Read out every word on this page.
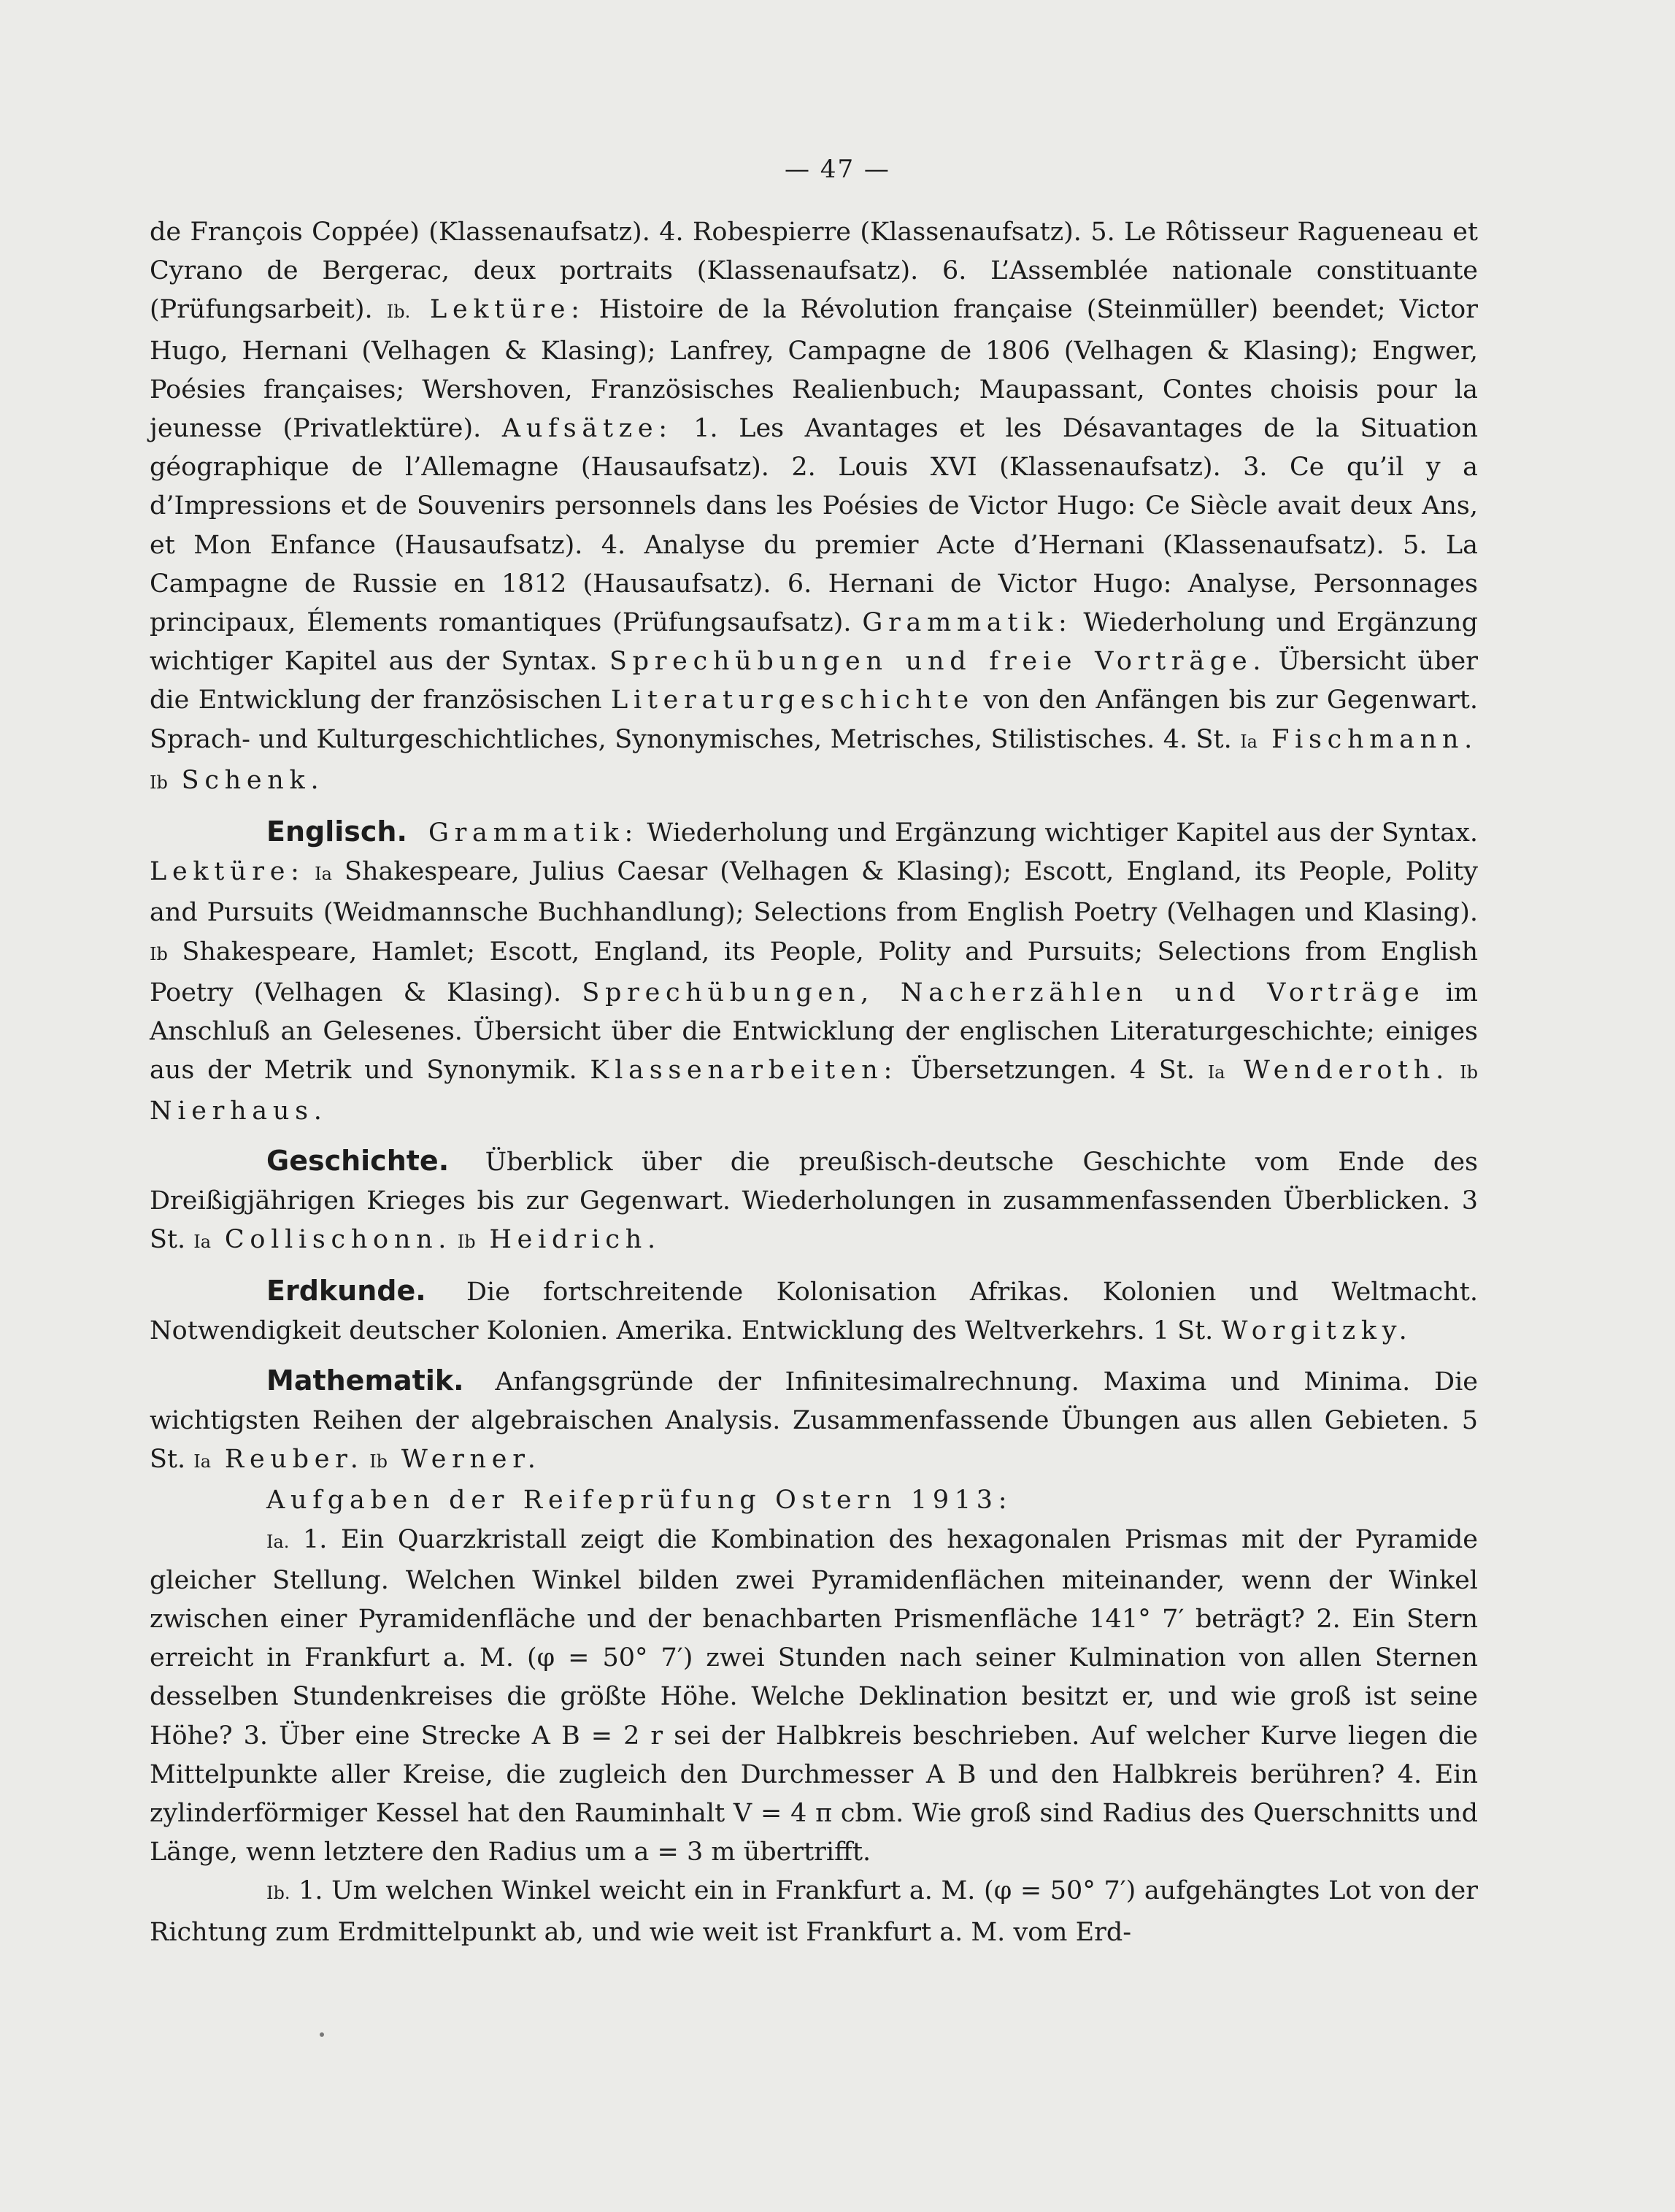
— 47 —

de François Coppée) (Klassenaufsatz). 4. Robespierre (Klassenaufsatz). 5. Le Rôtisseur Ragueneau et Cyrano de Bergerac, deux portraits (Klassenaufsatz). 6. L’Assemblée nationale constituante (Prüfungsarbeit). Ib. Lektüre: Histoire de la Révolution française (Steinmüller) beendet; Victor Hugo, Hernani (Velhagen & Klasing); Lanfrey, Campagne de 1806 (Velhagen & Klasing); Engwer, Poésies françaises; Wershoven, Französisches Realienbuch; Maupassant, Contes choisis pour la jeunesse (Privatlektüre). Aufsätze: 1. Les Avantages et les Désavantages de la Situation géographique de l’Allemagne (Hausaufsatz). 2. Louis XVI (Klassenaufsatz). 3. Ce qu’il y a d’Impressions et de Souvenirs personnels dans les Poésies de Victor Hugo: Ce Siècle avait deux Ans, et Mon Enfance (Hausaufsatz). 4. Analyse du premier Acte d’Hernani (Klassenaufsatz). 5. La Campagne de Russie en 1812 (Hausaufsatz). 6. Hernani de Victor Hugo: Analyse, Personnages principaux, Élements romantiques (Prüfungsaufsatz). Grammatik: Wiederholung und Ergänzung wichtiger Kapitel aus der Syntax. Sprechübungen und freie Vorträge. Übersicht über die Entwicklung der französischen Literaturgeschichte von den Anfängen bis zur Gegenwart. Sprach- und Kulturgeschichtliches, Synonymisches, Metrisches, Stilistisches. 4. St. Ia Fischmann. Ib Schenk.

Englisch. Grammatik: Wiederholung und Ergänzung wichtiger Kapitel aus der Syntax. Lektüre: Ia Shakespeare, Julius Caesar (Velhagen & Klasing); Escott, England, its People, Polity and Pursuits (Weidmannsche Buchhandlung); Selections from English Poetry (Velhagen und Klasing). Ib Shakespeare, Hamlet; Escott, England, its People, Polity and Pursuits; Selections from English Poetry (Velhagen & Klasing). Sprechübungen, Nacherzählen und Vorträge im Anschluß an Gelesenes. Übersicht über die Entwicklung der englischen Literaturgeschichte; einiges aus der Metrik und Synonymik. Klassenarbeiten: Übersetzungen. 4 St. Ia Wenderoth. Ib Nierhaus.

Geschichte. Überblick über die preußisch-deutsche Geschichte vom Ende des Dreißigjährigen Krieges bis zur Gegenwart. Wiederholungen in zusammenfassenden Überblicken. 3 St. Ia Collischonn. Ib Heidrich.

Erdkunde. Die fortschreitende Kolonisation Afrikas. Kolonien und Weltmacht. Notwendigkeit deutscher Kolonien. Amerika. Entwicklung des Weltverkehrs. 1 St. Worgitzky.

Mathematik. Anfangsgründe der Infinitesimalrechnung. Maxima und Minima. Die wichtigsten Reihen der algebraischen Analysis. Zusammenfassende Übungen aus allen Gebieten. 5 St. Ia Reuber. Ib Werner.

Aufgaben der Reifeprüfung Ostern 1913:

Ia. 1. Ein Quarzkristall zeigt die Kombination des hexagonalen Prismas mit der Pyramide gleicher Stellung. Welchen Winkel bilden zwei Pyramidenflächen miteinander, wenn der Winkel zwischen einer Pyramidenfläche und der benachbarten Prismenfläche 141° 7′ beträgt? 2. Ein Stern erreicht in Frankfurt a. M. (φ = 50° 7′) zwei Stunden nach seiner Kulmination von allen Sternen desselben Stundenkreises die größte Höhe. Welche Deklination besitzt er, und wie groß ist seine Höhe? 3. Über eine Strecke A B = 2 r sei der Halbkreis beschrieben. Auf welcher Kurve liegen die Mittelpunkte aller Kreise, die zugleich den Durchmesser A B und den Halbkreis berühren? 4. Ein zylinderförmiger Kessel hat den Rauminhalt V = 4 π cbm. Wie groß sind Radius des Querschnitts und Länge, wenn letztere den Radius um a = 3 m übertrifft.

Ib. 1. Um welchen Winkel weicht ein in Frankfurt a. M. (φ = 50° 7′) aufgehängtes Lot von der Richtung zum Erdmittelpunkt ab, und wie weit ist Frankfurt a. M. vom Erd-
